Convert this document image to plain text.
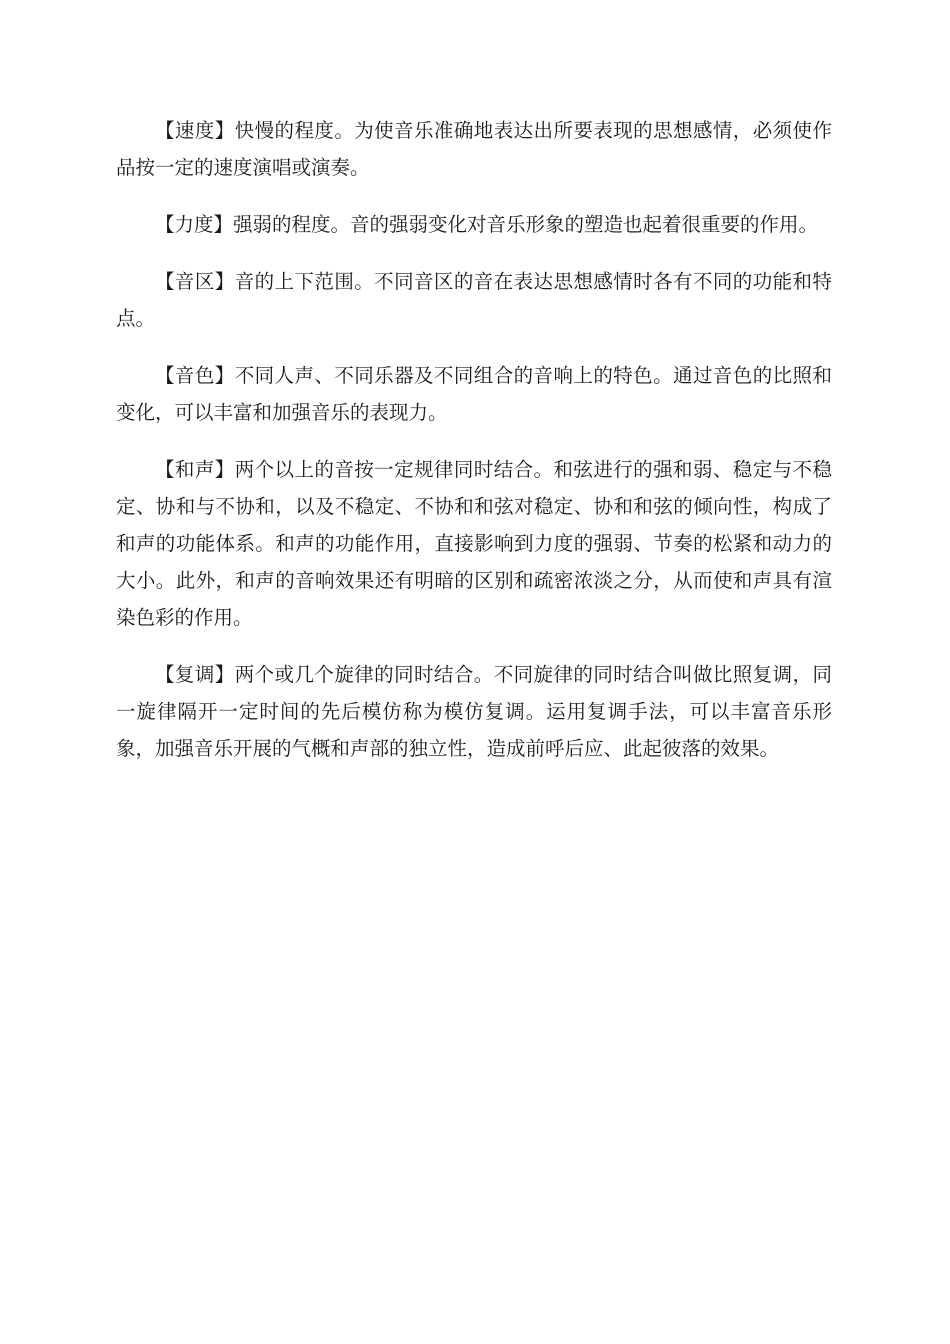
【速度】快慢的程度。为使音乐准确地表达出所要表现的思想感情，必须使作品按一定的速度演唱或演奏。

【力度】强弱的程度。音的强弱变化对音乐形象的塑造也起着很重要的作用。

【音区】音的上下范围。不同音区的音在表达思想感情时各有不同的功能和特点。

【音色】不同人声、不同乐器及不同组合的音响上的特色。通过音色的比照和变化，可以丰富和加强音乐的表现力。

【和声】两个以上的音按一定规律同时结合。和弦进行的强和弱、稳定与不稳定、协和与不协和，以及不稳定、不协和和弦对稳定、协和和弦的倾向性，构成了和声的功能体系。和声的功能作用，直接影响到力度的强弱、节奏的松紧和动力的大小。此外，和声的音响效果还有明暗的区别和疏密浓淡之分，从而使和声具有渲染色彩的作用。

【复调】两个或几个旋律的同时结合。不同旋律的同时结合叫做比照复调，同一旋律隔开一定时间的先后模仿称为模仿复调。运用复调手法，可以丰富音乐形象，加强音乐开展的气概和声部的独立性，造成前呼后应、此起彼落的效果。
